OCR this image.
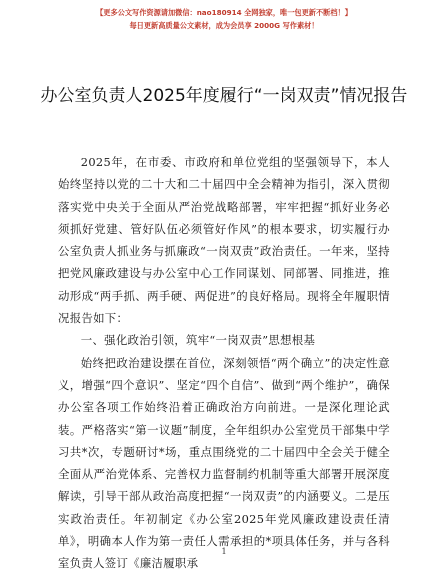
【更多公文写作资源请加微信：nao180914 全网独家，唯一包更新不断档！】
每日更新高质量公文素材，成为会员享 2000G 写作素材！
办公室负责人2025年度履行“一岗双责”情况报告

2025年，在市委、市政府和单位党组的坚强领导下，本人始终坚持以党的二十大和二十届四中全会精神为指引，深入贯彻落实党中央关于全面从严治党战略部署，牢牢把握“抓好业务必须抓好党建、管好队伍必须管好作风”的根本要求，切实履行办公室负责人抓业务与抓廉政“一岗双责”政治责任。一年来，坚持把党风廉政建设与办公室中心工作同谋划、同部署、同推进，推动形成“两手抓、两手硬、两促进”的良好格局。现将全年履职情况报告如下：

一、强化政治引领，筑牢“一岗双责”思想根基

始终把政治建设摆在首位，深刻领悟“两个确立”的决定性意义，增强“四个意识”、坚定“四个自信”、做到“两个维护”，确保办公室各项工作始终沿着正确政治方向前进。一是深化理论武装。严格落实“第一议题”制度，全年组织办公室党员干部集中学习共*次，专题研讨*场，重点围绕党的二十届四中全会关于健全全面从严治党体系、完善权力监督制约机制等重大部署开展深度解读，引导干部从政治高度把握“一岗双责”的内涵要义。二是压实政治责任。年初制定《办公室2025年党风廉政建设责任清单》，明确本人作为第一责任人需承担的*项具体任务，并与各科室负责人签订《廉洁履职承

1
